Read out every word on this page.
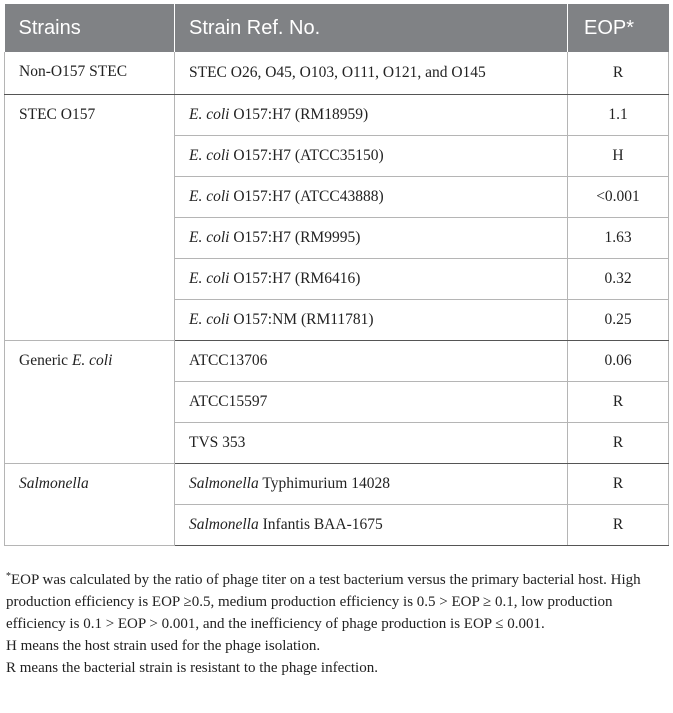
Strains	Strain Ref. No.	EOP*
Non-O157 STEC	STEC O26, O45, O103, O111, O121, and O145	R
STEC O157	E. coli O157:H7 (RM18959)	1.1
	E. coli O157:H7 (ATCC35150)	H
	E. coli O157:H7 (ATCC43888)	<0.001
	E. coli O157:H7 (RM9995)	1.63
	E. coli O157:H7 (RM6416)	0.32
	E. coli O157:NM (RM11781)	0.25
Generic E. coli	ATCC13706	0.06
	ATCC15597	R
	TVS 353	R
Salmonella	Salmonella Typhimurium 14028	R
	Salmonella Infantis BAA-1675	R

*EOP was calculated by the ratio of phage titer on a test bacterium versus the primary bacterial host. High production efficiency is EOP ≥0.5, medium production efficiency is 0.5 > EOP ≥ 0.1, low production efficiency is 0.1 > EOP > 0.001, and the inefficiency of phage production is EOP ≤ 0.001.

H means the host strain used for the phage isolation.

R means the bacterial strain is resistant to the phage infection.
